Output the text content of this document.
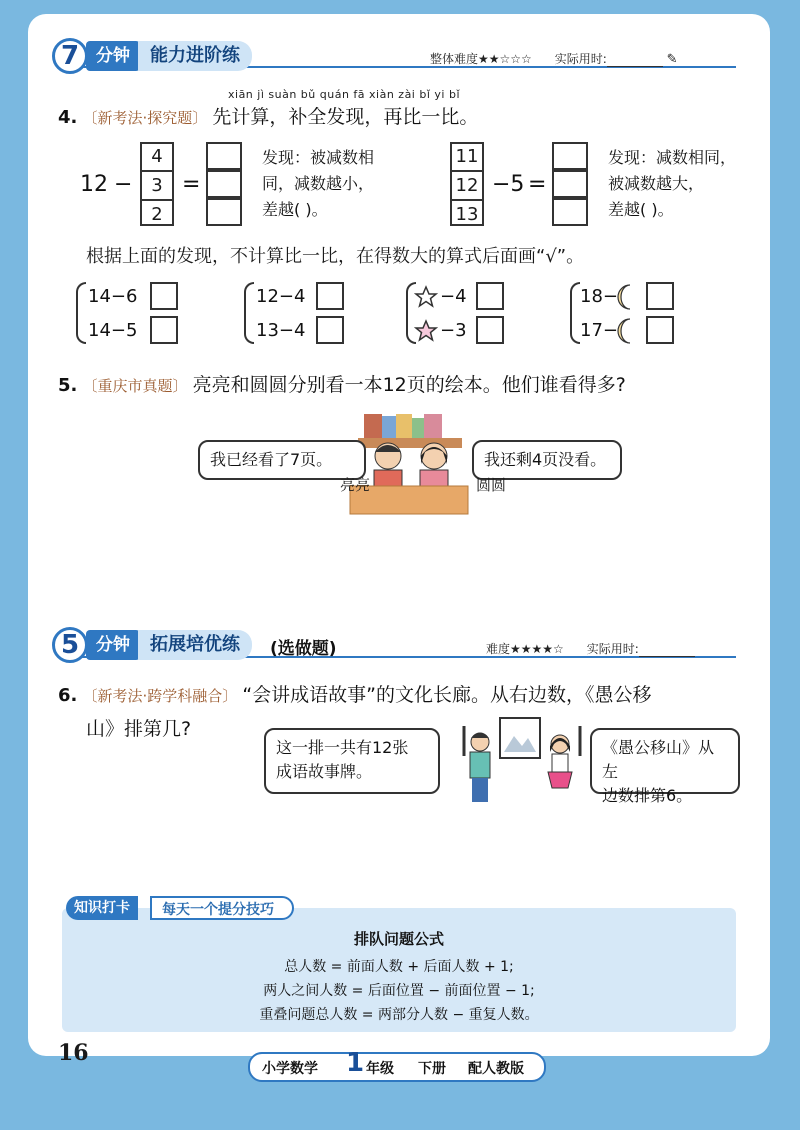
7 分钟	能力进阶练	整体难度★★☆☆☆ 实际用时:	✎
xiān jì suàn bǔ quán fā xiàn zài bǐ yi bǐ
4. 〔新考法·探究题〕 先计算，补全发现，再比一比。
12 −
4
3
2
=
发现：被减数相
同，减数越小，
差越( )。
11
12
13
−5 =
发现：减数相同，
被减数越大，
差越( )。
根据上面的发现，不计算比一比，在得数大的算式后面画“√”。
14−6
14−5
12−4
13−4
−4
−3
18−
17−
5. 〔重庆市真题〕 亮亮和圆圆分别看一本12页的绘本。他们谁看得多?
我已经看了7页。	我还剩4页没看。
亮亮	圆圆
5 分钟	拓展培优练	(选做题)	难度★★★★☆ 实际用时:
6. 〔新考法·跨学科融合〕 “会讲成语故事”的文化长廊。从右边数，《愚公移
山》排第几?
这一排一共有12张
成语故事牌。
《愚公移山》从左
边数排第6。
知识打卡	每天一个提分技巧
排队问题公式
总人数 = 前面人数 + 后面人数 + 1;
两人之间人数 = 后面位置 − 前面位置 − 1;
重叠问题总人数 = 两部分人数 − 重复人数。
16
小学数学 1 年级 下册 配人教版
